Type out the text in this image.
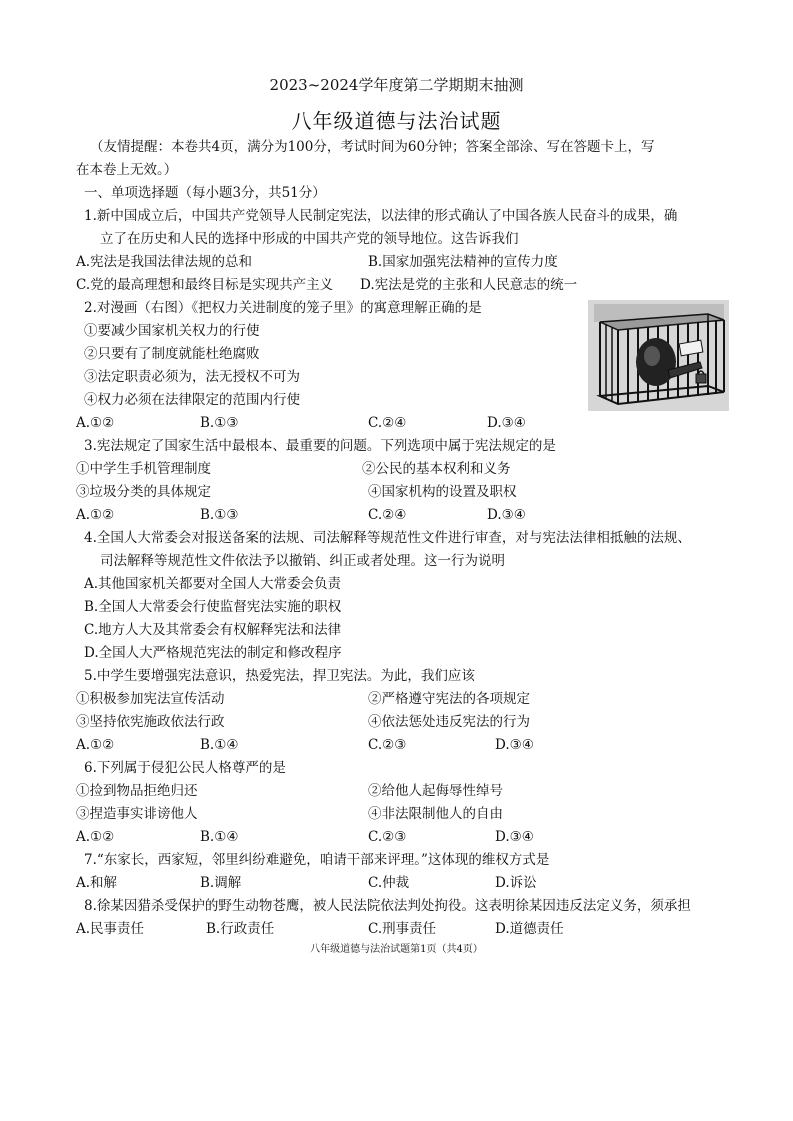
2023~2024学年度第二学期期末抽测
八年级道德与法治试题
（友情提醒：本卷共4页，满分为100分，考试时间为60分钟；答案全部涂、写在答题卡上，写
在本卷上无效。）
一、单项选择题（每小题3分，共51分）
1.新中国成立后，中国共产党领导人民制定宪法，以法律的形式确认了中国各族人民奋斗的成果，确
立了在历史和人民的选择中形成的中国共产党的领导地位。这告诉我们
A.宪法是我国法律法规的总和	B.国家加强宪法精神的宣传力度
C.党的最高理想和最终目标是实现共产主义 D.宪法是党的主张和人民意志的统一
2.对漫画（右图）《把权力关进制度的笼子里》的寓意理解正确的是
①要减少国家机关权力的行使
②只要有了制度就能杜绝腐败
③法定职责必须为，法无授权不可为
④权力必须在法律限定的范围内行使
A.①②	B.①③	C.②④	D.③④
3.宪法规定了国家生活中最根本、最重要的问题。下列选项中属于宪法规定的是
①中学生手机管理制度	②公民的基本权利和义务
③垃圾分类的具体规定	④国家机构的设置及职权
A.①②	B.①③	C.②④	D.③④
4.全国人大常委会对报送备案的法规、司法解释等规范性文件进行审查，对与宪法法律相抵触的法规、
司法解释等规范性文件依法予以撤销、纠正或者处理。这一行为说明
A.其他国家机关都要对全国人大常委会负责
B.全国人大常委会行使监督宪法实施的职权
C.地方人大及其常委会有权解释宪法和法律
D.全国人大严格规范宪法的制定和修改程序
5.中学生要增强宪法意识，热爱宪法，捍卫宪法。为此，我们应该
①积极参加宪法宣传活动	②严格遵守宪法的各项规定
③坚持依宪施政依法行政	④依法惩处违反宪法的行为
A.①②	B.①④	C.②③	D.③④
6.下列属于侵犯公民人格尊严的是
①捡到物品拒绝归还	②给他人起侮辱性绰号
③捏造事实诽谤他人	④非法限制他人的自由
A.①②	B.①④	C.②③	D.③④
7.“东家长，西家短，邻里纠纷难避免，咱请干部来评理。”这体现的维权方式是
A.和解	B.调解	C.仲裁	D.诉讼
8.徐某因猎杀受保护的野生动物苍鹰，被人民法院依法判处拘役。这表明徐某因违反法定义务，须承担
A.民事责任	B.行政责任	C.刑事责任	D.道德责任
八年级道德与法治试题第1页（共4页）
